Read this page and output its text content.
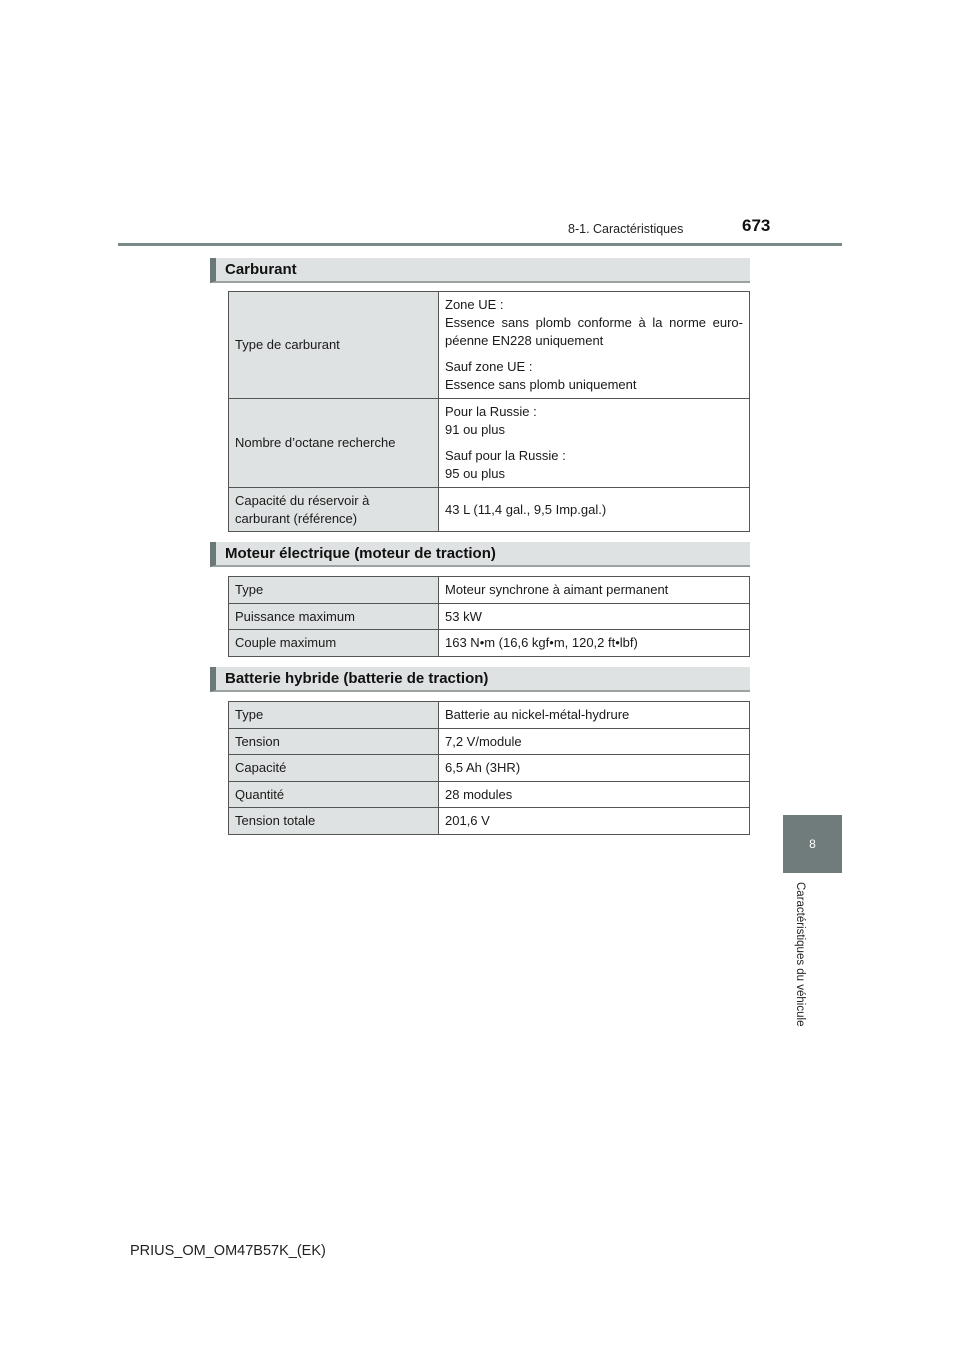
8-1. Caractéristiques	673
8
Caractéristiques du véhicule
Carburant
Type de carburant	Zone UE :
Essence sans plomb conforme à la norme euro-péenne EN228 uniquement
Sauf zone UE :
Essence sans plomb uniquement

Nombre d’octane recherche	Pour la Russie :
91 ou plus
Sauf pour la Russie :
95 ou plus

Capacité du réservoir à
carburant (référence)	43 L (11,4 gal., 9,5 Imp.gal.)
Moteur électrique (moteur de traction)
Type	Moteur synchrone à aimant permanent
Puissance maximum	53 kW
Couple maximum	163 N•m (16,6 kgf•m, 120,2 ft•lbf)
Batterie hybride (batterie de traction)
Type	Batterie au nickel-métal-hydrure
Tension	7,2 V/module
Capacité	6,5 Ah (3HR)
Quantité	28 modules
Tension totale	201,6 V
PRIUS_OM_OM47B57K_(EK)
